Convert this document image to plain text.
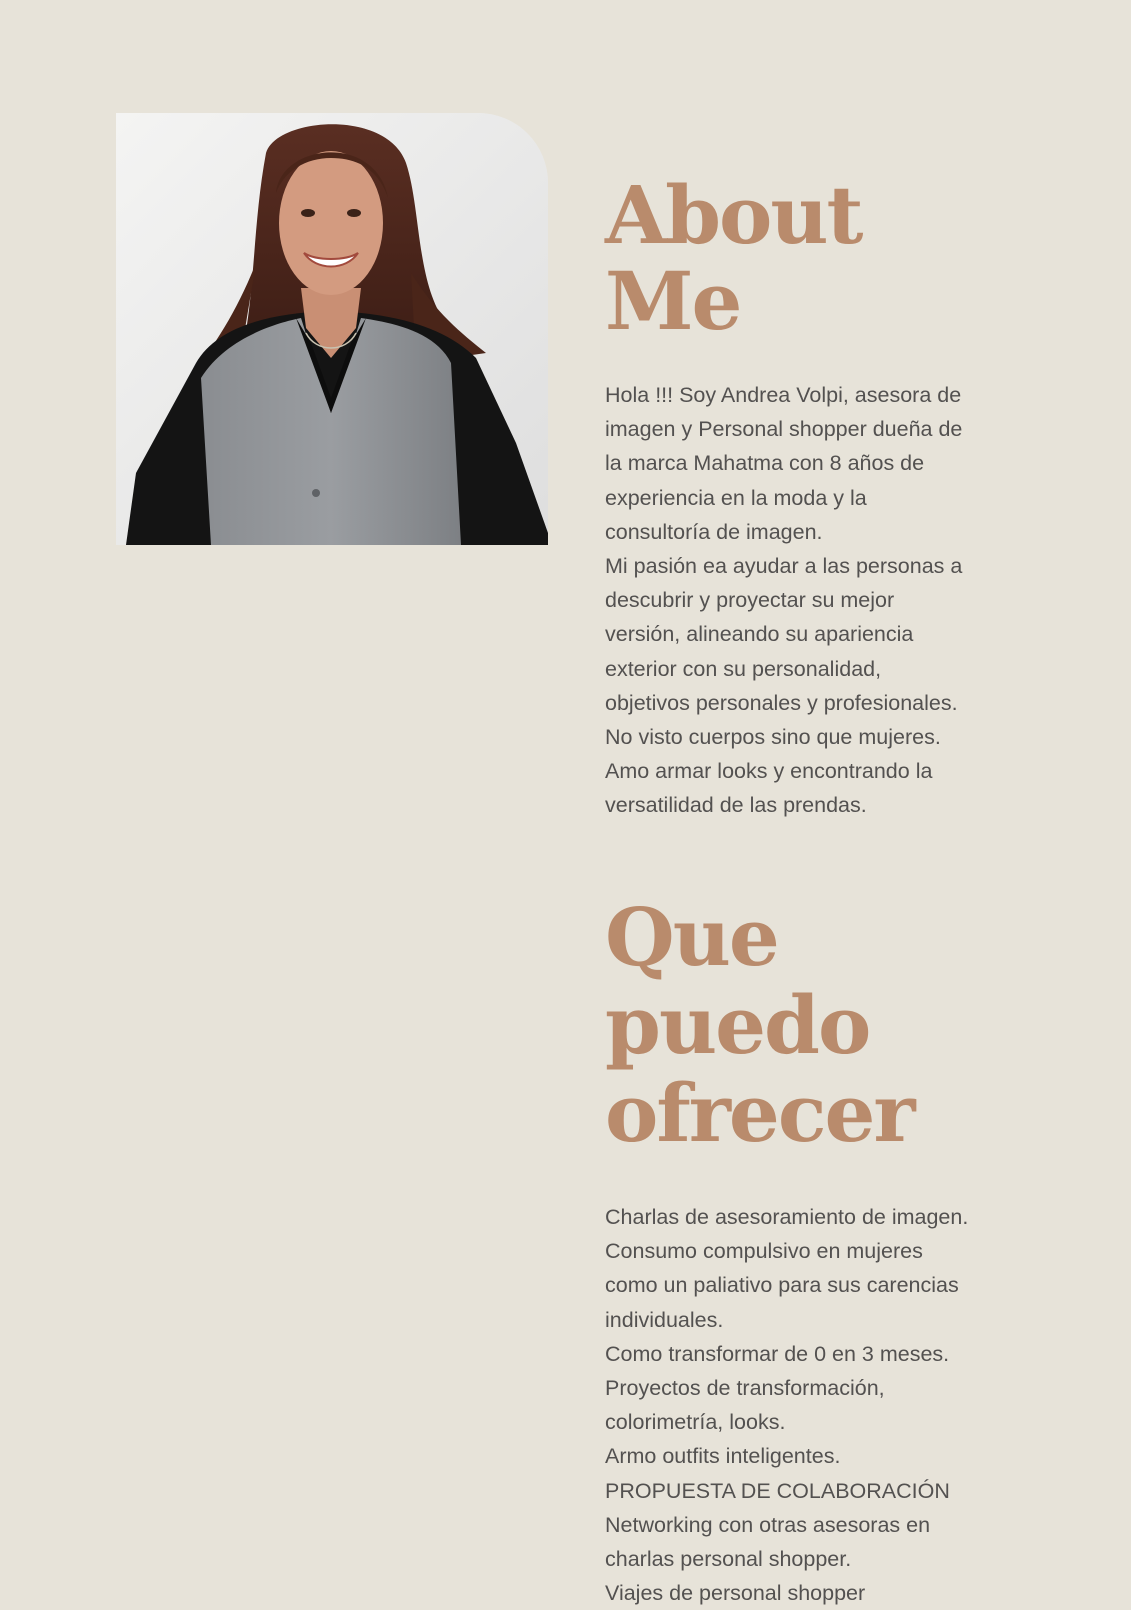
About
Me
Hola !!! Soy Andrea Volpi, asesora de
imagen y Personal shopper dueña de
la marca Mahatma con 8 años de
experiencia en la moda y la
consultoría de imagen.
Mi pasión ea ayudar a las personas a
descubrir y proyectar su mejor
versión, alineando su apariencia
exterior con su personalidad,
objetivos personales y profesionales.
No visto cuerpos sino que mujeres.
Amo armar looks y encontrando la
versatilidad de las prendas.
Que
puedo
ofrecer
Charlas de asesoramiento de imagen.
Consumo compulsivo en mujeres
como un paliativo para sus carencias
individuales.
Como transformar de 0 en 3 meses.
Proyectos de transformación,
colorimetría, looks.
Armo outfits inteligentes.
PROPUESTA DE COLABORACIÓN
Networking con otras asesoras en
charlas personal shopper.
Viajes de personal shopper
